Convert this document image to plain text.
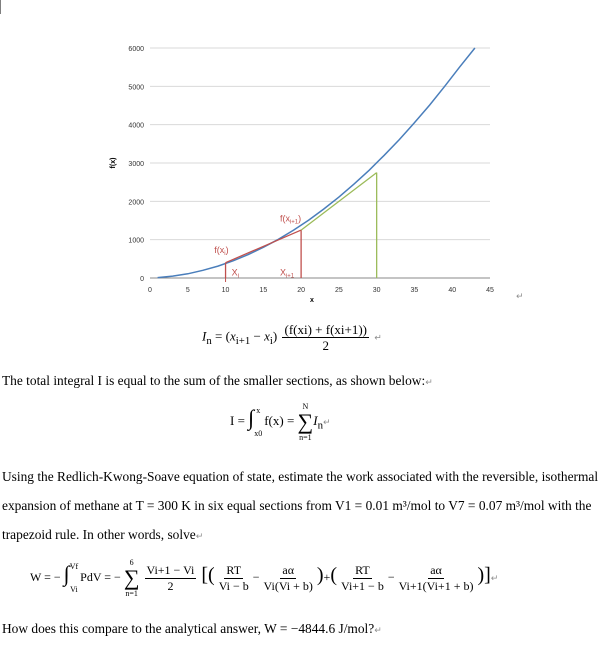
0
1000
2000
3000
4000
5000
6000
0	5	10	15	20	25	30	35	40	45
x
f(x)
$f(x_i)$
$f(x_{i+1})$
$X_i$	$X_{i+1}$
↵
$I_n = (x_{i+1} - x_i) \frac{(f(xi) + f(xi+1))}{2}$ ↵
The total integral I is equal to the sum of the smaller sections, as shown below:↵
I = ∫ x
x0
f(x) =
N
∑
n=1
$I_n↵$
Using the Redlich-Kwong-Soave equation of state, estimate the work associated with the reversible, isothermal expansion of methane at T = 300 K in six equal sections from V1 = 0.01 m³/mol to V7 = 0.07 m³/mol with the trapezoid rule. In other words, solve↵
W = − ∫ Vf
Vi
PdV = −
6
∑
n=1
$\frac{Vi+1 - Vi}{2}$ [( $\frac{RT}{Vi - b} - \frac{a\alpha}{Vi(Vi + b)}$ )+( $\frac{RT}{Vi+1 - b} - \frac{a\alpha}{Vi+1(Vi+1 + b)}$ )]↵
How does this compare to the analytical answer, W = −4844.6 J/mol?↵
